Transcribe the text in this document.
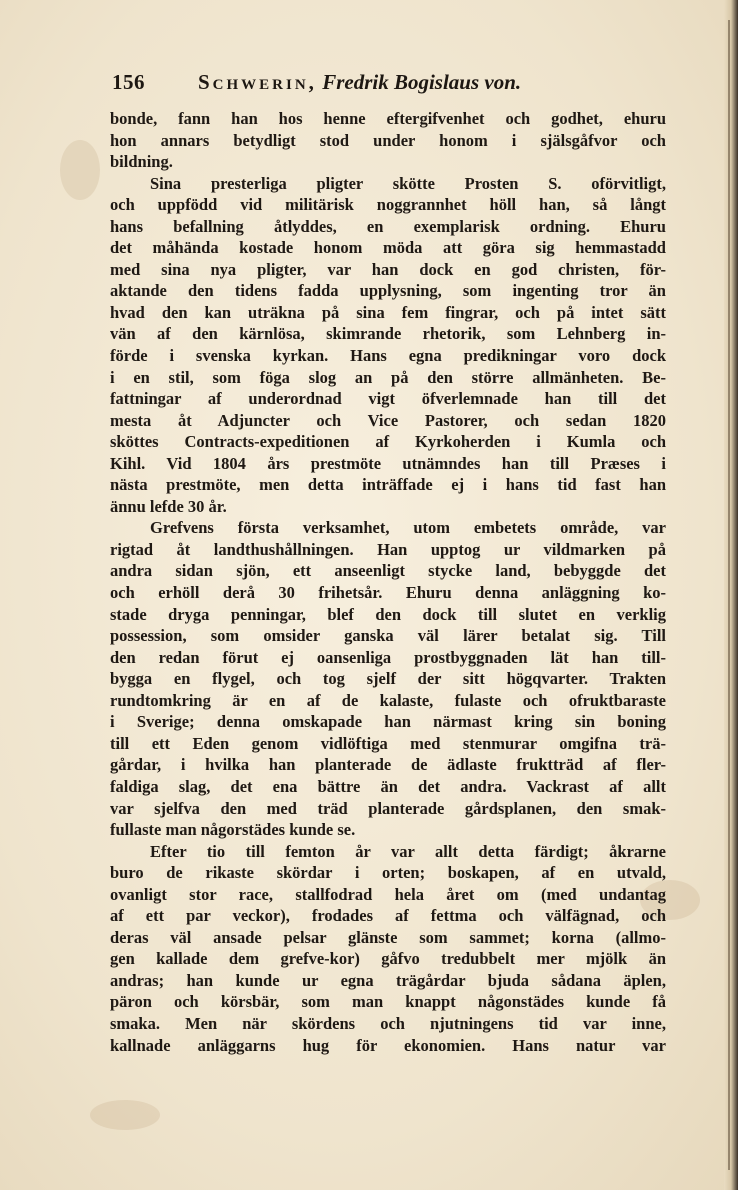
156	Schwerin, Fredrik Bogislaus von.
bonde, fann han hos henne eftergifvenhet och godhet, ehuru
hon annars betydligt stod under honom i själsgåfvor och
bildning.
Sina presterliga pligter skötte Prosten S. oförvitligt,
och uppfödd vid militärisk noggrannhet höll han, så långt
hans befallning åtlyddes, en exemplarisk ordning. Ehuru
det måhända kostade honom möda att göra sig hemmastadd
med sina nya pligter, var han dock en god christen, för-
aktande den tidens fadda upplysning, som ingenting tror än
hvad den kan uträkna på sina fem fingrar, och på intet sätt
vän af den kärnlösa, skimrande rhetorik, som Lehnberg in-
förde i svenska kyrkan. Hans egna predikningar voro dock
i en stil, som föga slog an på den större allmänheten. Be-
fattningar af underordnad vigt öfverlemnade han till det
mesta åt Adjuncter och Vice Pastorer, och sedan 1820
sköttes Contracts-expeditionen af Kyrkoherden i Kumla och
Kihl. Vid 1804 års prestmöte utnämndes han till Præses i
nästa prestmöte, men detta inträffade ej i hans tid fast han
ännu lefde 30 år.
Grefvens första verksamhet, utom embetets område, var
rigtad åt landthushållningen. Han upptog ur vildmarken på
andra sidan sjön, ett anseenligt stycke land, bebyggde det
och erhöll derå 30 frihetsår. Ehuru denna anläggning ko-
stade dryga penningar, blef den dock till slutet en verklig
possession, som omsider ganska väl lärer betalat sig. Till
den redan förut ej oansenliga prostbyggnaden lät han till-
bygga en flygel, och tog sjelf der sitt högqvarter. Trakten
rundtomkring är en af de kalaste, fulaste och ofruktbaraste
i Sverige; denna omskapade han närmast kring sin boning
till ett Eden genom vidlöftiga med stenmurar omgifna trä-
gårdar, i hvilka han planterade de ädlaste fruktträd af fler-
faldiga slag, det ena bättre än det andra. Vackrast af allt
var sjelfva den med träd planterade gårdsplanen, den smak-
fullaste man någorstädes kunde se.
Efter tio till femton år var allt detta färdigt; åkrarne
buro de rikaste skördar i orten; boskapen, af en utvald,
ovanligt stor race, stallfodrad hela året om (med undantag
af ett par veckor), frodades af fettma och välfägnad, och
deras väl ansade pelsar glänste som sammet; korna (allmo-
gen kallade dem grefve-kor) gåfvo tredubbelt mer mjölk än
andras; han kunde ur egna trägårdar bjuda sådana äplen,
päron och körsbär, som man knappt någonstädes kunde få
smaka. Men när skördens och njutningens tid var inne,
kallnade anläggarns hug för ekonomien. Hans natur var
